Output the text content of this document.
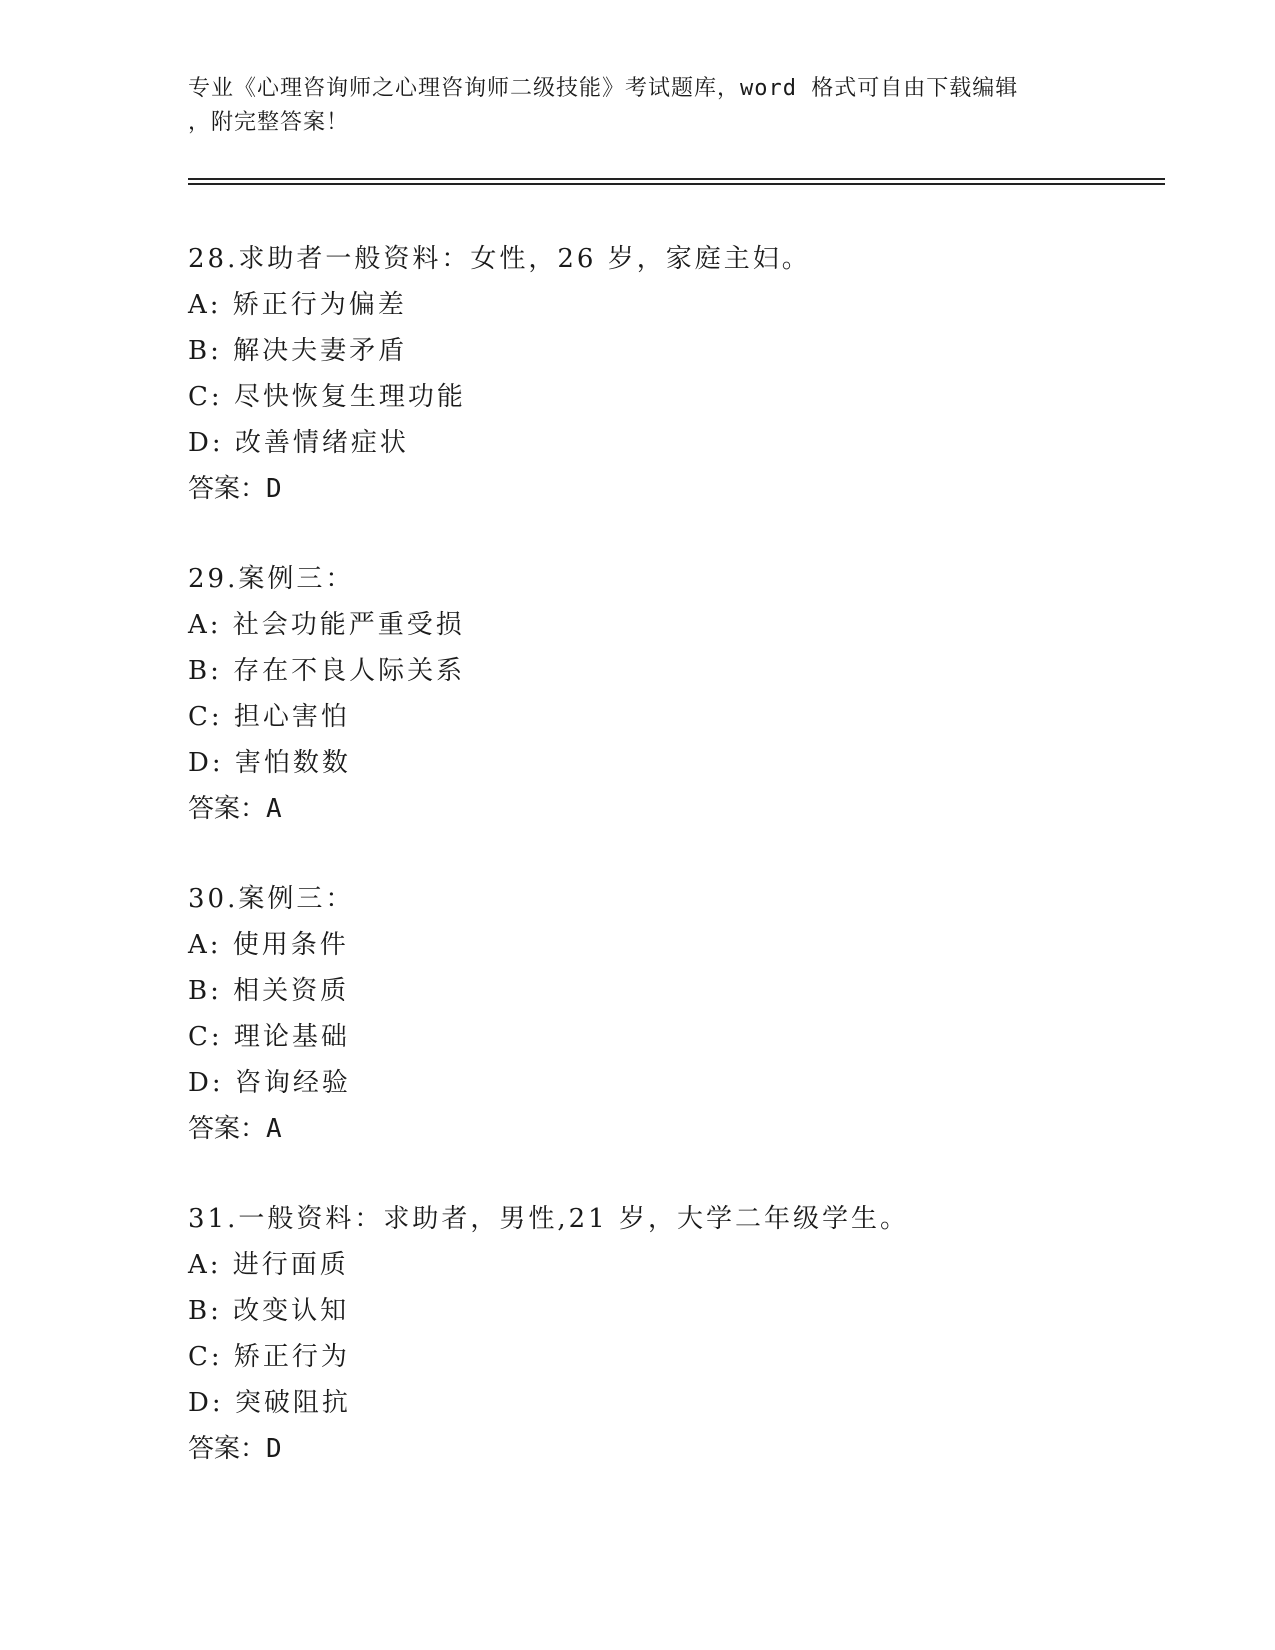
专业《心理咨询师之心理咨询师二级技能》考试题库，word 格式可自由下载编辑
，附完整答案！
28.求助者一般资料：女性，26 岁，家庭主妇。
A: 矫正行为偏差
B: 解决夫妻矛盾
C: 尽快恢复生理功能
D: 改善情绪症状
答案：D
29.案例三：
A: 社会功能严重受损
B: 存在不良人际关系
C: 担心害怕
D: 害怕数数
答案：A
30.案例三：
A: 使用条件
B: 相关资质
C: 理论基础
D: 咨询经验
答案：A
31.一般资料：求助者，男性,21 岁，大学二年级学生。
A: 进行面质
B: 改变认知
C: 矫正行为
D: 突破阻抗
答案：D
